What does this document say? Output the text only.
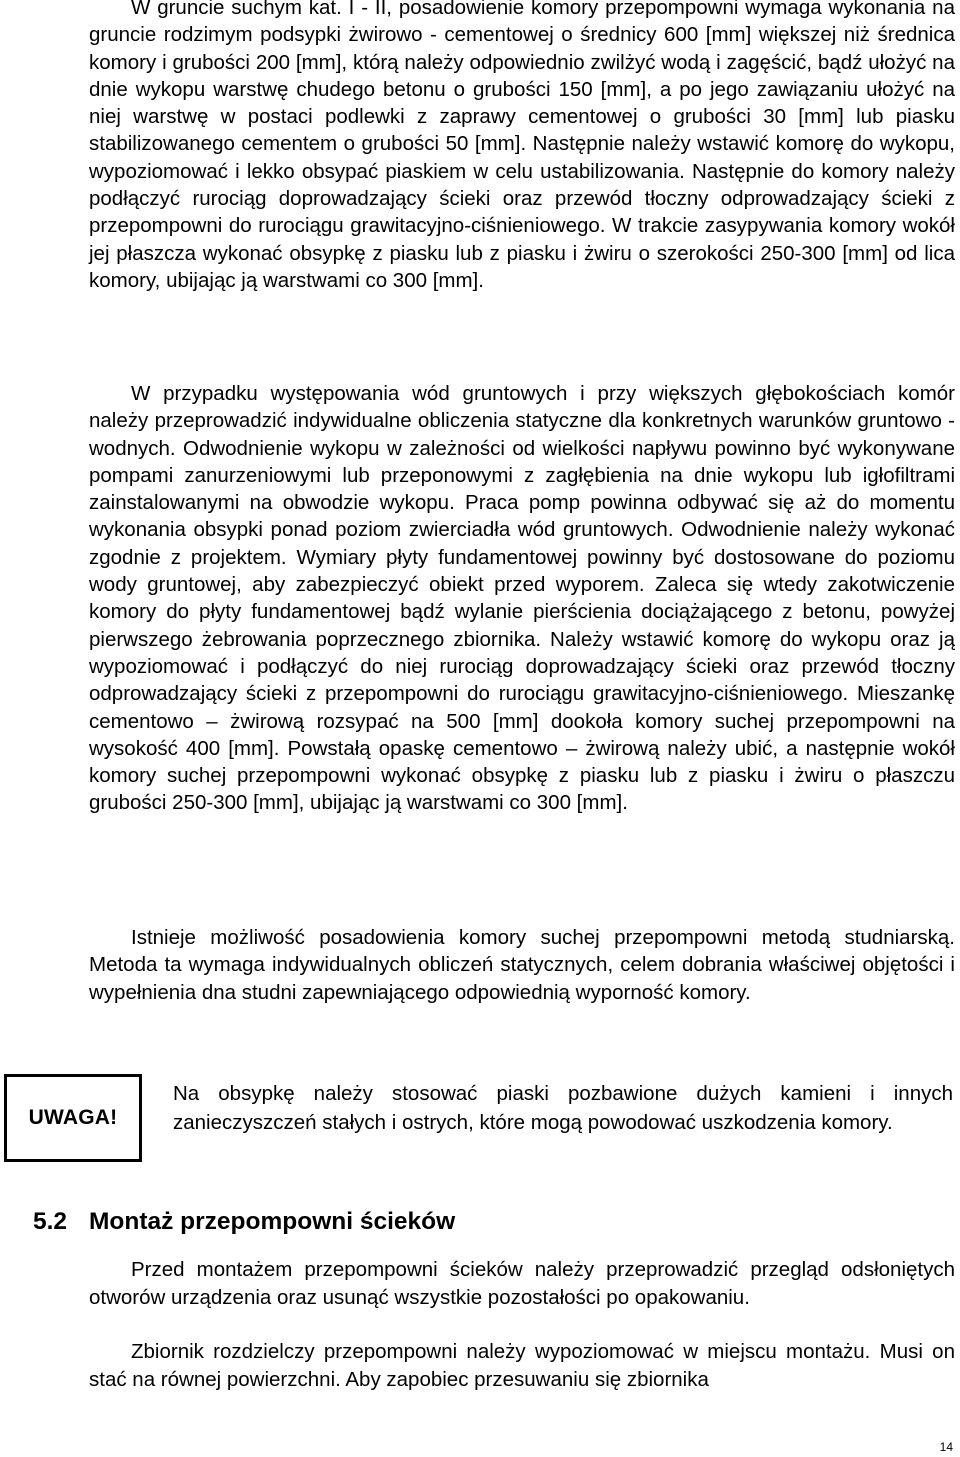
W gruncie suchym kat. I - II, posadowienie komory przepompowni wymaga wykonania na gruncie rodzimym podsypki żwirowo - cementowej o średnicy 600 [mm] większej niż średnica komory i grubości 200 [mm], którą należy odpowiednio zwilżyć wodą i zagęścić, bądź ułożyć na dnie wykopu warstwę chudego betonu o grubości 150 [mm], a po jego zawiązaniu ułożyć na niej warstwę w postaci podlewki z zaprawy cementowej o grubości 30 [mm] lub piasku stabilizowanego cementem o grubości 50 [mm]. Następnie należy wstawić komorę do wykopu, wypoziomować i lekko obsypać piaskiem w celu ustabilizowania. Następnie do komory należy podłączyć rurociąg doprowadzający ścieki oraz przewód tłoczny odprowadzający ścieki z przepompowni do rurociągu grawitacyjno-ciśnieniowego. W trakcie zasypywania komory wokół jej płaszcza wykonać obsypkę z piasku lub z piasku i żwiru o szerokości 250-300 [mm] od lica komory, ubijając ją warstwami co 300 [mm].

W przypadku występowania wód gruntowych i przy większych głębokościach komór należy przeprowadzić indywidualne obliczenia statyczne dla konkretnych warunków gruntowo - wodnych. Odwodnienie wykopu w zależności od wielkości napływu powinno być wykonywane pompami zanurzeniowymi lub przeponowymi z zagłębienia na dnie wykopu lub igłofiltrami zainstalowanymi na obwodzie wykopu. Praca pomp powinna odbywać się aż do momentu wykonania obsypki ponad poziom zwierciadła wód gruntowych. Odwodnienie należy wykonać zgodnie z projektem. Wymiary płyty fundamentowej powinny być dostosowane do poziomu wody gruntowej, aby zabezpieczyć obiekt przed wyporem. Zaleca się wtedy zakotwiczenie komory do płyty fundamentowej bądź wylanie pierścienia dociążającego z betonu, powyżej pierwszego żebrowania poprzecznego zbiornika. Należy wstawić komorę do wykopu oraz ją wypoziomować i podłączyć do niej rurociąg doprowadzający ścieki oraz przewód tłoczny odprowadzający ścieki z przepompowni do rurociągu grawitacyjno-ciśnieniowego. Mieszankę cementowo – żwirową rozsypać na 500 [mm] dookoła komory suchej przepompowni na wysokość 400 [mm]. Powstałą opaskę cementowo – żwirową należy ubić, a następnie wokół komory suchej przepompowni wykonać obsypkę z piasku lub z piasku i żwiru o płaszczu grubości 250-300 [mm], ubijając ją warstwami co 300 [mm].

Istnieje możliwość posadowienia komory suchej przepompowni metodą studniarską. Metoda ta wymaga indywidualnych obliczeń statycznych, celem dobrania właściwej objętości i wypełnienia dna studni zapewniającego odpowiednią wyporność komory.

UWAGA!

Na obsypkę należy stosować piaski pozbawione dużych kamieni i innych zanieczyszczeń stałych i ostrych, które mogą powodować uszkodzenia komory.

5.2 Montaż przepompowni ścieków

Przed montażem przepompowni ścieków należy przeprowadzić przegląd odsłoniętych otworów urządzenia oraz usunąć wszystkie pozostałości po opakowaniu.

Zbiornik rozdzielczy przepompowni należy wypoziomować w miejscu montażu. Musi on stać na równej powierzchni. Aby zapobiec przesuwaniu się zbiornika

14
